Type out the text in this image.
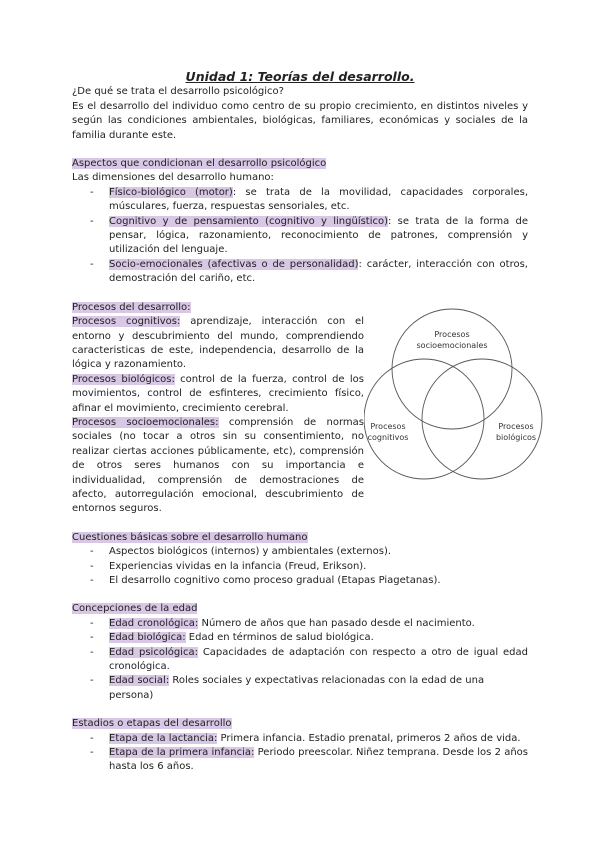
Unidad 1: Teorías del desarrollo.

¿De qué se trata el desarrollo psicológico?

Es el desarrollo del individuo como centro de su propio crecimiento, en distintos niveles y según las condiciones ambientales, biológicas, familiares, económicas y sociales de la familia durante este.

Aspectos que condicionan el desarrollo psicológico

Las dimensiones del desarrollo humano:

- Físico-biológico (motor): se trata de la movilidad, capacidades corporales, músculares, fuerza, respuestas sensoriales, etc.
- Cognitivo y de pensamiento (cognitivo y lingüístico): se trata de la forma de pensar, lógica, razonamiento, reconocimiento de patrones, comprensión y utilización del lenguaje.
- Socio-emocionales (afectivas o de personalidad): carácter, interacción con otros, demostración del cariño, etc.

Procesos del desarrollo:

Procesos cognitivos: aprendizaje, interacción con el entorno y descubrimiento del mundo, comprendiendo caracteristicas de este, independencia, desarrollo de la lógica y razonamiento.

Procesos biológicos: control de la fuerza, control de los movimientos, control de esfinteres, crecimiento físico, afinar el movimiento, crecimiento cerebral.

Procesos socioemocionales: comprensión de normas sociales (no tocar a otros sin su consentimiento, no realizar ciertas acciones públicamente, etc), comprensión de otros seres humanos con su importancia e individualidad, comprensión de demostraciones de afecto, autorregulación emocional, descubrimiento de entornos seguros.

Procesos
socioemocionales
Procesos
cognitivos
Procesos
biológicos

Cuestiones básicas sobre el desarrollo humano

- Aspectos biológicos (internos) y ambientales (externos).
- Experiencias vividas en la infancia (Freud, Erikson).
- El desarrollo cognitivo como proceso gradual (Etapas Piagetanas).

Concepciones de la edad

- Edad cronológica: Número de años que han pasado desde el nacimiento.
- Edad biológica: Edad en términos de salud biológica.
- Edad psicológica: Capacidades de adaptación con respecto a otro de igual edad cronológica.
- Edad social: Roles sociales y expectativas relacionadas con la edad de una persona)

Estadios o etapas del desarrollo

- Etapa de la lactancia: Primera infancia. Estadio prenatal, primeros 2 años de vida.
- Etapa de la primera infancia: Periodo preescolar. Niñez temprana. Desde los 2 años hasta los 6 años.
